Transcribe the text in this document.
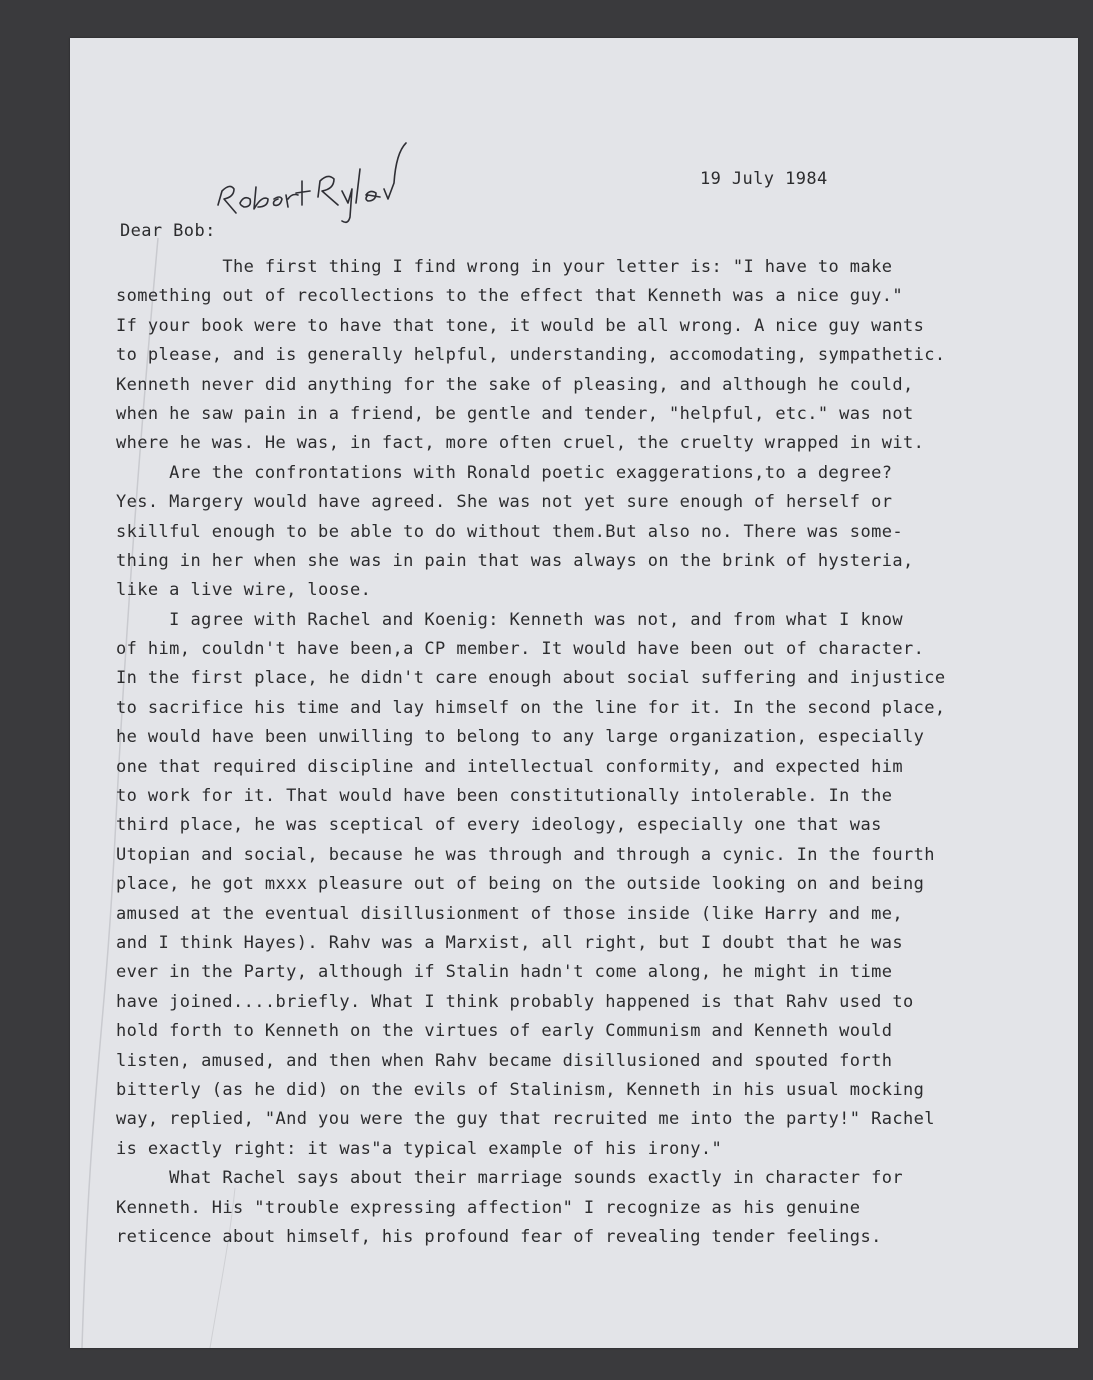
19 July 1984
Dear Bob:

The first thing I find wrong in your letter is: "I have to make

something out of recollections to the effect that Kenneth was a nice guy."

If your book were to have that tone, it would be all wrong. A nice guy wants

to please, and is generally helpful, understanding, accomodating, sympathetic.

Kenneth never did anything for the sake of pleasing, and although he could,

when he saw pain in a friend, be gentle and tender, "helpful, etc." was not

where he was. He was, in fact, more often cruel, the cruelty wrapped in wit.

Are the confrontations with Ronald poetic exaggerations,to a degree?

Yes. Margery would have agreed. She was not yet sure enough of herself or

skillful enough to be able to do without them.But also no. There was some-

thing in her when she was in pain that was always on the brink of hysteria,

like a live wire, loose.

I agree with Rachel and Koenig: Kenneth was not, and from what I know

of him, couldn't have been,a CP member. It would have been out of character.

In the first place, he didn't care enough about social suffering and injustice

to sacrifice his time and lay himself on the line for it. In the second place,

he would have been unwilling to belong to any large organization, especially

one that required discipline and intellectual conformity, and expected him

to work for it. That would have been constitutionally intolerable. In the

third place, he was sceptical of every ideology, especially one that was

Utopian and social, because he was through and through a cynic. In the fourth

place, he got mxxx pleasure out of being on the outside looking on and being

amused at the eventual disillusionment of those inside (like Harry and me,

and I think Hayes). Rahv was a Marxist, all right, but I doubt that he was

ever in the Party, although if Stalin hadn't come along, he might in time

have joined....briefly. What I think probably happened is that Rahv used to

hold forth to Kenneth on the virtues of early Communism and Kenneth would

listen, amused, and then when Rahv became disillusioned and spouted forth

bitterly (as he did) on the evils of Stalinism, Kenneth in his usual mocking

way, replied, "And you were the guy that recruited me into the party!" Rachel

is exactly right: it was"a typical example of his irony."

What Rachel says about their marriage sounds exactly in character for

Kenneth. His "trouble expressing affection" I recognize as his genuine

reticence about himself, his profound fear of revealing tender feelings.
